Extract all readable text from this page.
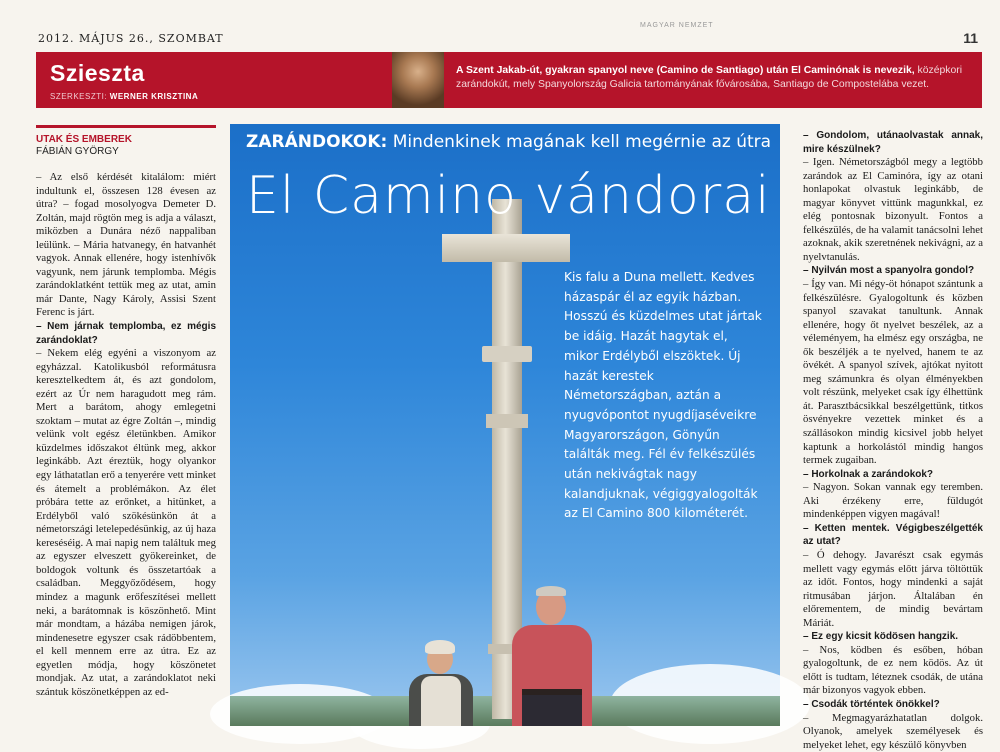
MAGYAR NEMZET
2012. MÁJUS 26., SZOMBAT	11
Szieszta
SZERKESZTI: WERNER KRISZTINA
A Szent Jakab-út, gyakran spanyol neve (Camino de Santiago) után El Caminónak is nevezik, középkori zarándokút, mely Spanyolország Galicia tartományának fővárosába, Santiago de Compostelába vezet.
UTAK ÉS EMBEREK
FÁBIÁN GYÖRGY

– Az első kérdését kitalálom: miért indultunk el, összesen 128 évesen az útra? – fogad mosolyogva Demeter D. Zoltán, majd rögtön meg is adja a választ, miközben a Dunára néző nappaliban leülünk. – Mária hatvanegy, én hatvanhét vagyok. Annak ellenére, hogy istenhívők vagyunk, nem járunk templomba. Mégis zarándoklatként tettük meg az utat, amin már Dante, Nagy Károly, Assisi Szent Ferenc is járt.

– Nem járnak templomba, ez mégis zarándoklat?

– Nekem elég egyéni a viszonyom az egyházzal. Katolikusból reformátusra keresztelkedtem át, és azt gondolom, ezért az Úr nem haragudott meg rám. Mert a barátom, ahogy emlegetni szoktam – mutat az égre Zoltán –, mindig velünk volt egész életünkben. Amikor küzdelmes időszakot éltünk meg, akkor leginkább. Azt éreztük, hogy olyankor egy láthatatlan erő a tenyerére vett minket és átemelt a problémákon. Az élet próbára tette az erőnket, a hitünket, a Erdélyből való szökésünkön át a németországi letelepedésünkig, az új haza kereséséig. A mai napig nem találtuk meg az egyszer elveszett gyökereinket, de boldogok voltunk és összetartóak a családban. Meggyőződésem, hogy mindez a magunk erőfeszítései mellett neki, a barátomnak is köszönhető. Mint már mondtam, a házába nemigen járok, mindenesetre egyszer csak rádöbbentem, el kell mennem erre az útra. Ez az egyetlen módja, hogy köszönetet mondjak. Az utat, a zarándoklatot neki szántuk köszönetképpen az ed-

ZARÁNDOKOK: Mindenkinek magának kell megérnie az útra
El Camino vándorai
Kis falu a Duna mellett. Kedves házaspár él az egyik házban. Hosszú és küzdelmes utat jártak be idáig. Hazát hagytak el, mikor Erdélyből elszöktek. Új hazát kerestek Németországban, aztán a nyugvópontot nyugdíjaséveikre Magyarországon, Gönyűn találták meg. Fél év felkészülés után nekivágtak nagy kalandjuknak, végiggyalogolták az El Camino 800 kilométerét.

– Gondolom, utánaolvastak annak, mire készülnek?

– Igen. Németországból megy a legtöbb zarándok az El Caminóra, így az otani honlapokat olvastuk leginkább, de magyar könyvet vittünk magunkkal, ez elég pontosnak bizonyult. Fontos a felkészülés, de ha valamit tanácsolni lehet azoknak, akik szeretnének nekivágni, az a nyelvtanulás.

– Nyilván most a spanyolra gondol?

– Így van. Mi négy-öt hónapot szántunk a felkészülésre. Gyalogoltunk és közben spanyol szavakat tanultunk. Annak ellenére, hogy őt nyelvet beszélek, az a véleményem, ha elmész egy országba, ne ők beszéljék a te nyelved, hanem te az övékét. A spanyol szívek, ajtókat nyitott meg számunkra és olyan élményekben volt részünk, melyeket csak így élhettünk át. Parasztbácsikkal beszélgettünk, titkos ösvényekre vezettek minket és a szállásokon mindig kicsivel jobb helyet kaptunk a horkolástól mindig hangos termek zugaiban.

– Horkolnak a zarándokok?

– Nagyon. Sokan vannak egy teremben. Aki érzékeny erre, füldugót mindenképpen vigyen magával!

– Ketten mentek. Végigbeszélgették az utat?

– Ó dehogy. Javarészt csak egymás mellett vagy egymás előtt járva töltöttük az időt. Fontos, hogy mindenki a saját ritmusában járjon. Általában én előrementem, de mindig bevártam Máriát.

– Ez egy kicsit ködösen hangzik.

– Nos, ködben és esőben, hóban gyalogoltunk, de ez nem ködös. Az út előtt is tudtam, léteznek csodák, de utána már bizonyos vagyok ebben.

– Csodák történtek önökkel?

– Megmagyarázhatatlan dolgok. Olyanok, amelyek személyesek és melyeket lehet, egy készülő könyvben
